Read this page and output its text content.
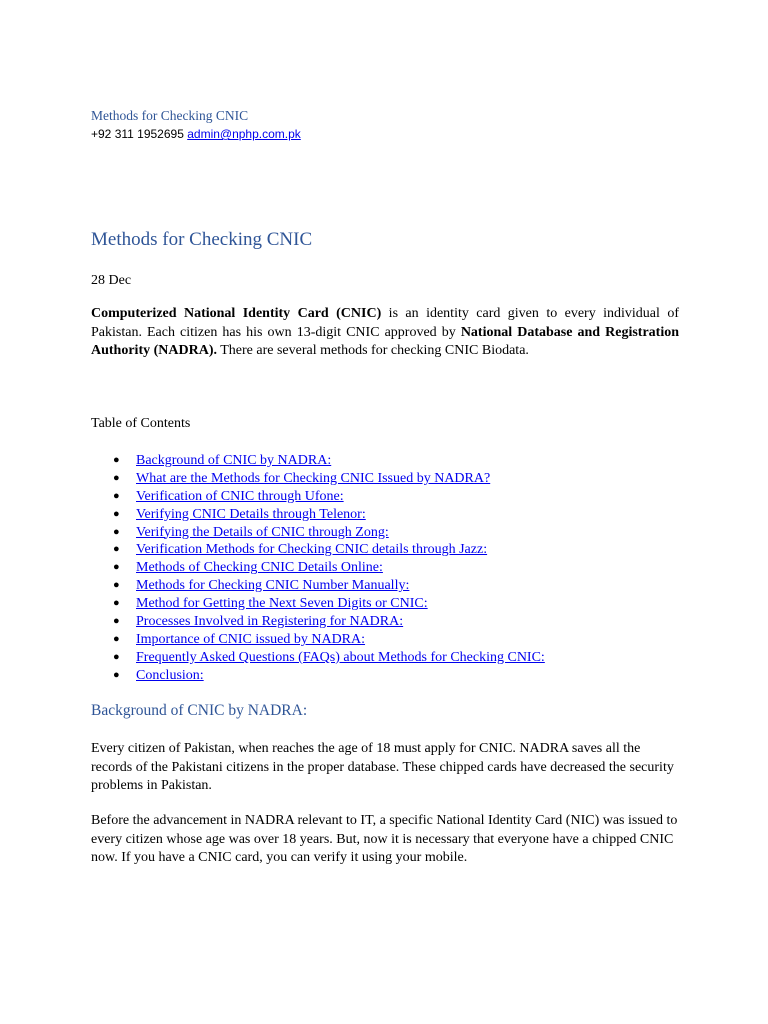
Methods for Checking CNIC
+92 311 1952695 admin@nphp.com.pk
Methods for Checking CNIC
28 Dec

Computerized National Identity Card (CNIC) is an identity card given to every individual of Pakistan. Each citizen has his own 13-digit CNIC approved by National Database and Registration Authority (NADRA). There are several methods for checking CNIC Biodata.

Table of Contents
● Background of CNIC by NADRA:
● What are the Methods for Checking CNIC Issued by NADRA?
● Verification of CNIC through Ufone:
● Verifying CNIC Details through Telenor:
● Verifying the Details of CNIC through Zong:
● Verification Methods for Checking CNIC details through Jazz:
● Methods of Checking CNIC Details Online:
● Methods for Checking CNIC Number Manually:
● Method for Getting the Next Seven Digits or CNIC:
● Processes Involved in Registering for NADRA:
● Importance of CNIC issued by NADRA:
● Frequently Asked Questions (FAQs) about Methods for Checking CNIC:
● Conclusion:
Background of CNIC by NADRA:

Every citizen of Pakistan, when reaches the age of 18 must apply for CNIC. NADRA saves all the records of the Pakistani citizens in the proper database. These chipped cards have decreased the security problems in Pakistan.

Before the advancement in NADRA relevant to IT, a specific National Identity Card (NIC) was issued to every citizen whose age was over 18 years. But, now it is necessary that everyone have a chipped CNIC now. If you have a CNIC card, you can verify it using your mobile.
